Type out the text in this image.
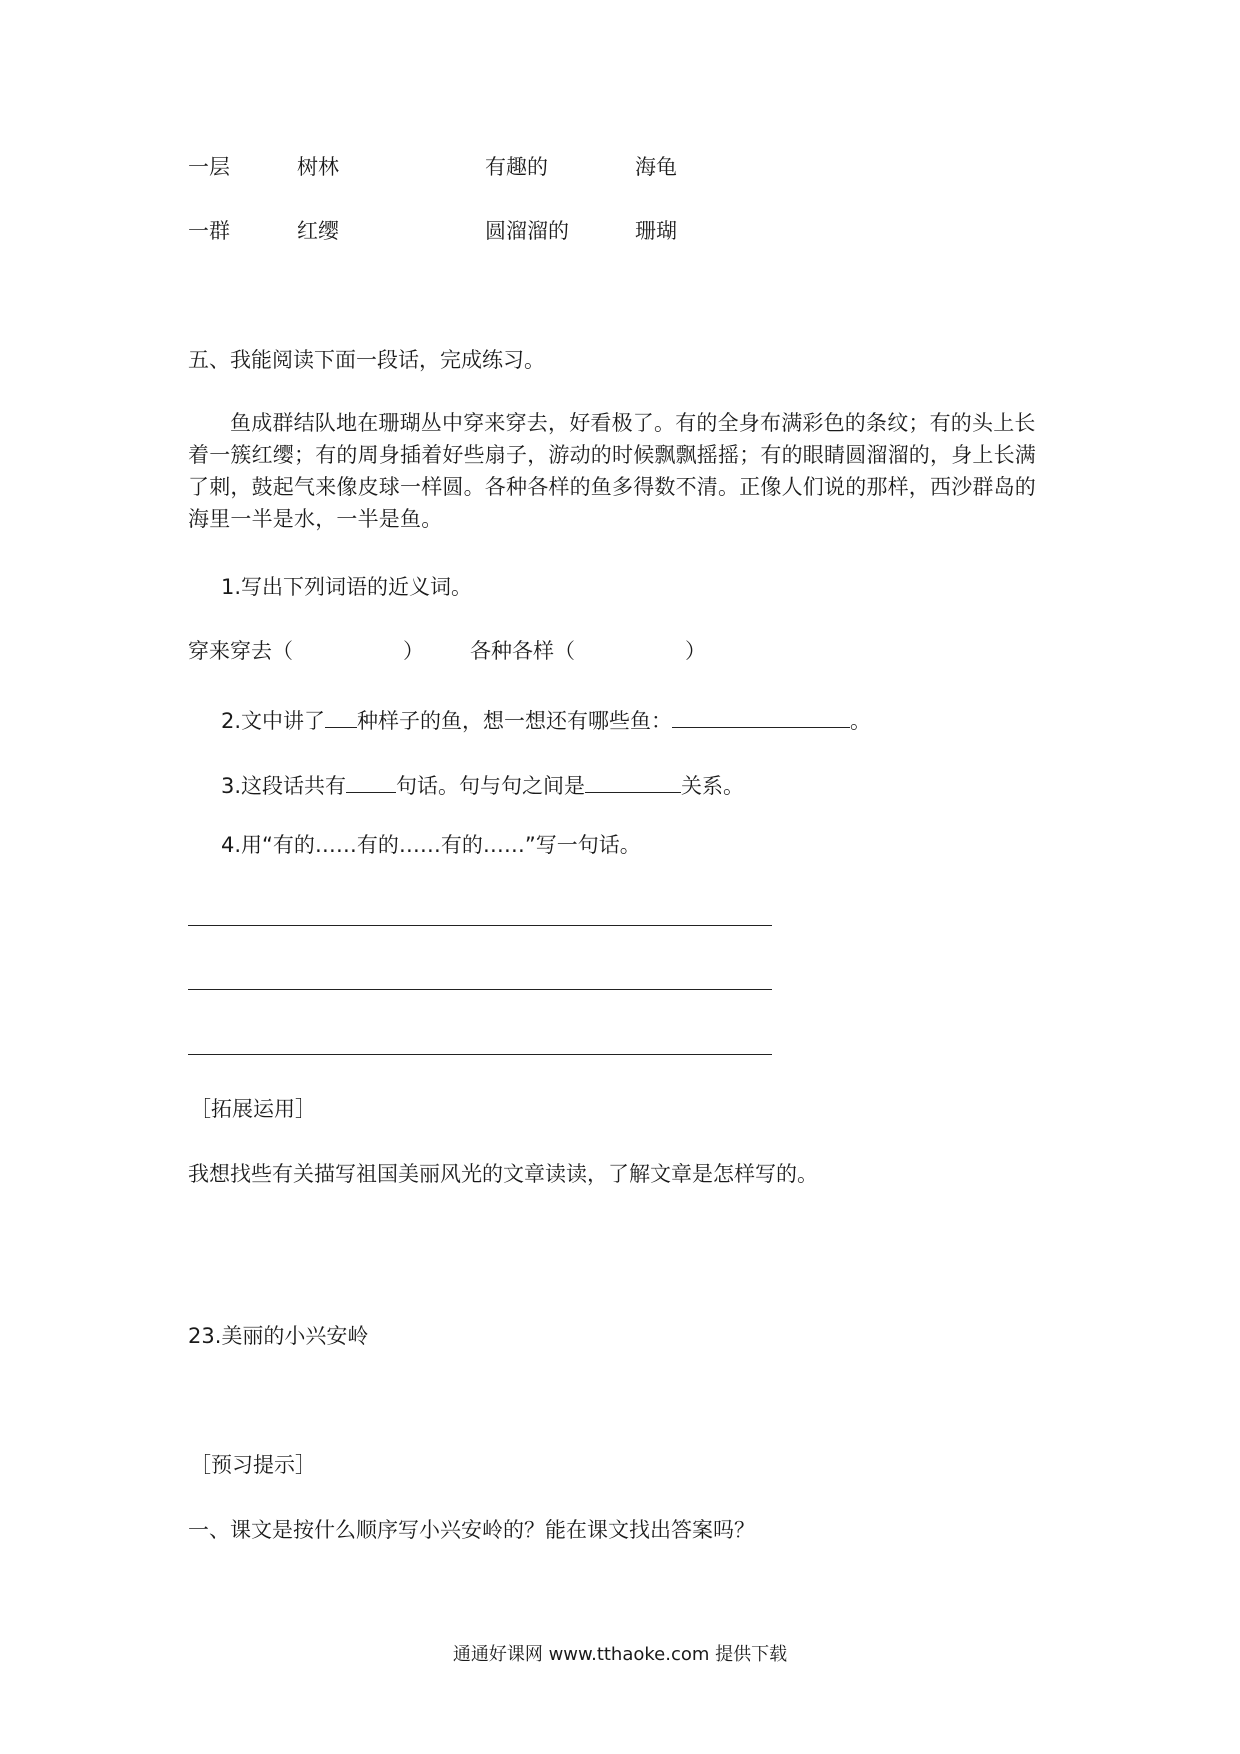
一层	树林	有趣的	海龟
一群	红缨	圆溜溜的	珊瑚
五、我能阅读下面一段话，完成练习。
鱼成群结队地在珊瑚丛中穿来穿去，好看极了。有的全身布满彩色的条纹；有的头上长着一簇红缨；有的周身插着好些扇子，游动的时候飘飘摇摇；有的眼睛圆溜溜的，身上长满了刺，鼓起气来像皮球一样圆。各种各样的鱼多得数不清。正像人们说的那样，西沙群岛的海里一半是水，一半是鱼。
1.写出下列词语的近义词。
穿来穿去（	） 各种各样（	）
2.文中讲了 种样子的鱼，想一想还有哪些鱼：	。
3.这段话共有 句话。句与句之间是	关系。
4.用“有的……有的……有的……”写一句话。
［拓展运用］
我想找些有关描写祖国美丽风光的文章读读，了解文章是怎样写的。
23.美丽的小兴安岭
［预习提示］
一、课文是按什么顺序写小兴安岭的？能在课文找出答案吗？
通通好课网 www.tthaoke.com 提供下载
